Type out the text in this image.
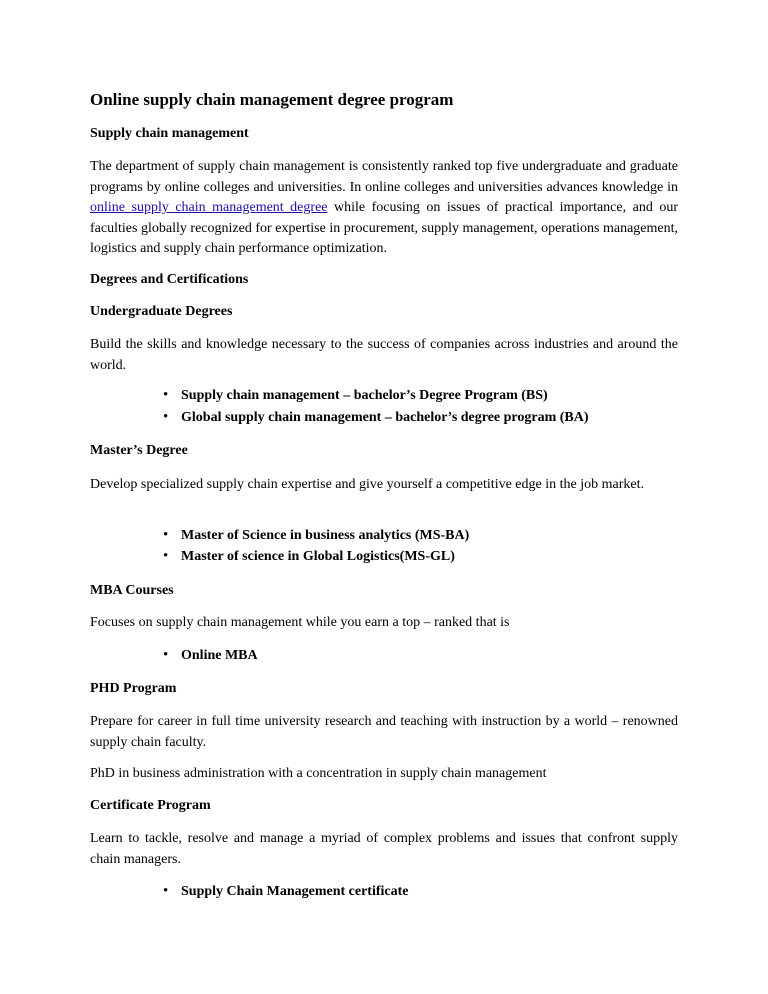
Online supply chain management degree program
Supply chain management

The department of supply chain management is consistently ranked top five undergraduate and graduate programs by online colleges and universities. In online colleges and universities advances knowledge in online supply chain management degree while focusing on issues of practical importance, and our faculties globally recognized for expertise in procurement, supply management, operations management, logistics and supply chain performance optimization.

Degrees and Certifications
Undergraduate Degrees

Build the skills and knowledge necessary to the success of companies across industries and around the world.

• Supply chain management – bachelor’s Degree Program (BS)
• Global supply chain management – bachelor’s degree program (BA)
Master’s Degree

Develop specialized supply chain expertise and give yourself a competitive edge in the job market.

• Master of Science in business analytics (MS-BA)
• Master of science in Global Logistics(MS-GL)
MBA Courses

Focuses on supply chain management while you earn a top – ranked that is

• Online MBA
PHD Program

Prepare for career in full time university research and teaching with instruction by a world – renowned supply chain faculty.

PhD in business administration with a concentration in supply chain management

Certificate Program

Learn to tackle, resolve and manage a myriad of complex problems and issues that confront supply chain managers.

• Supply Chain Management certificate
